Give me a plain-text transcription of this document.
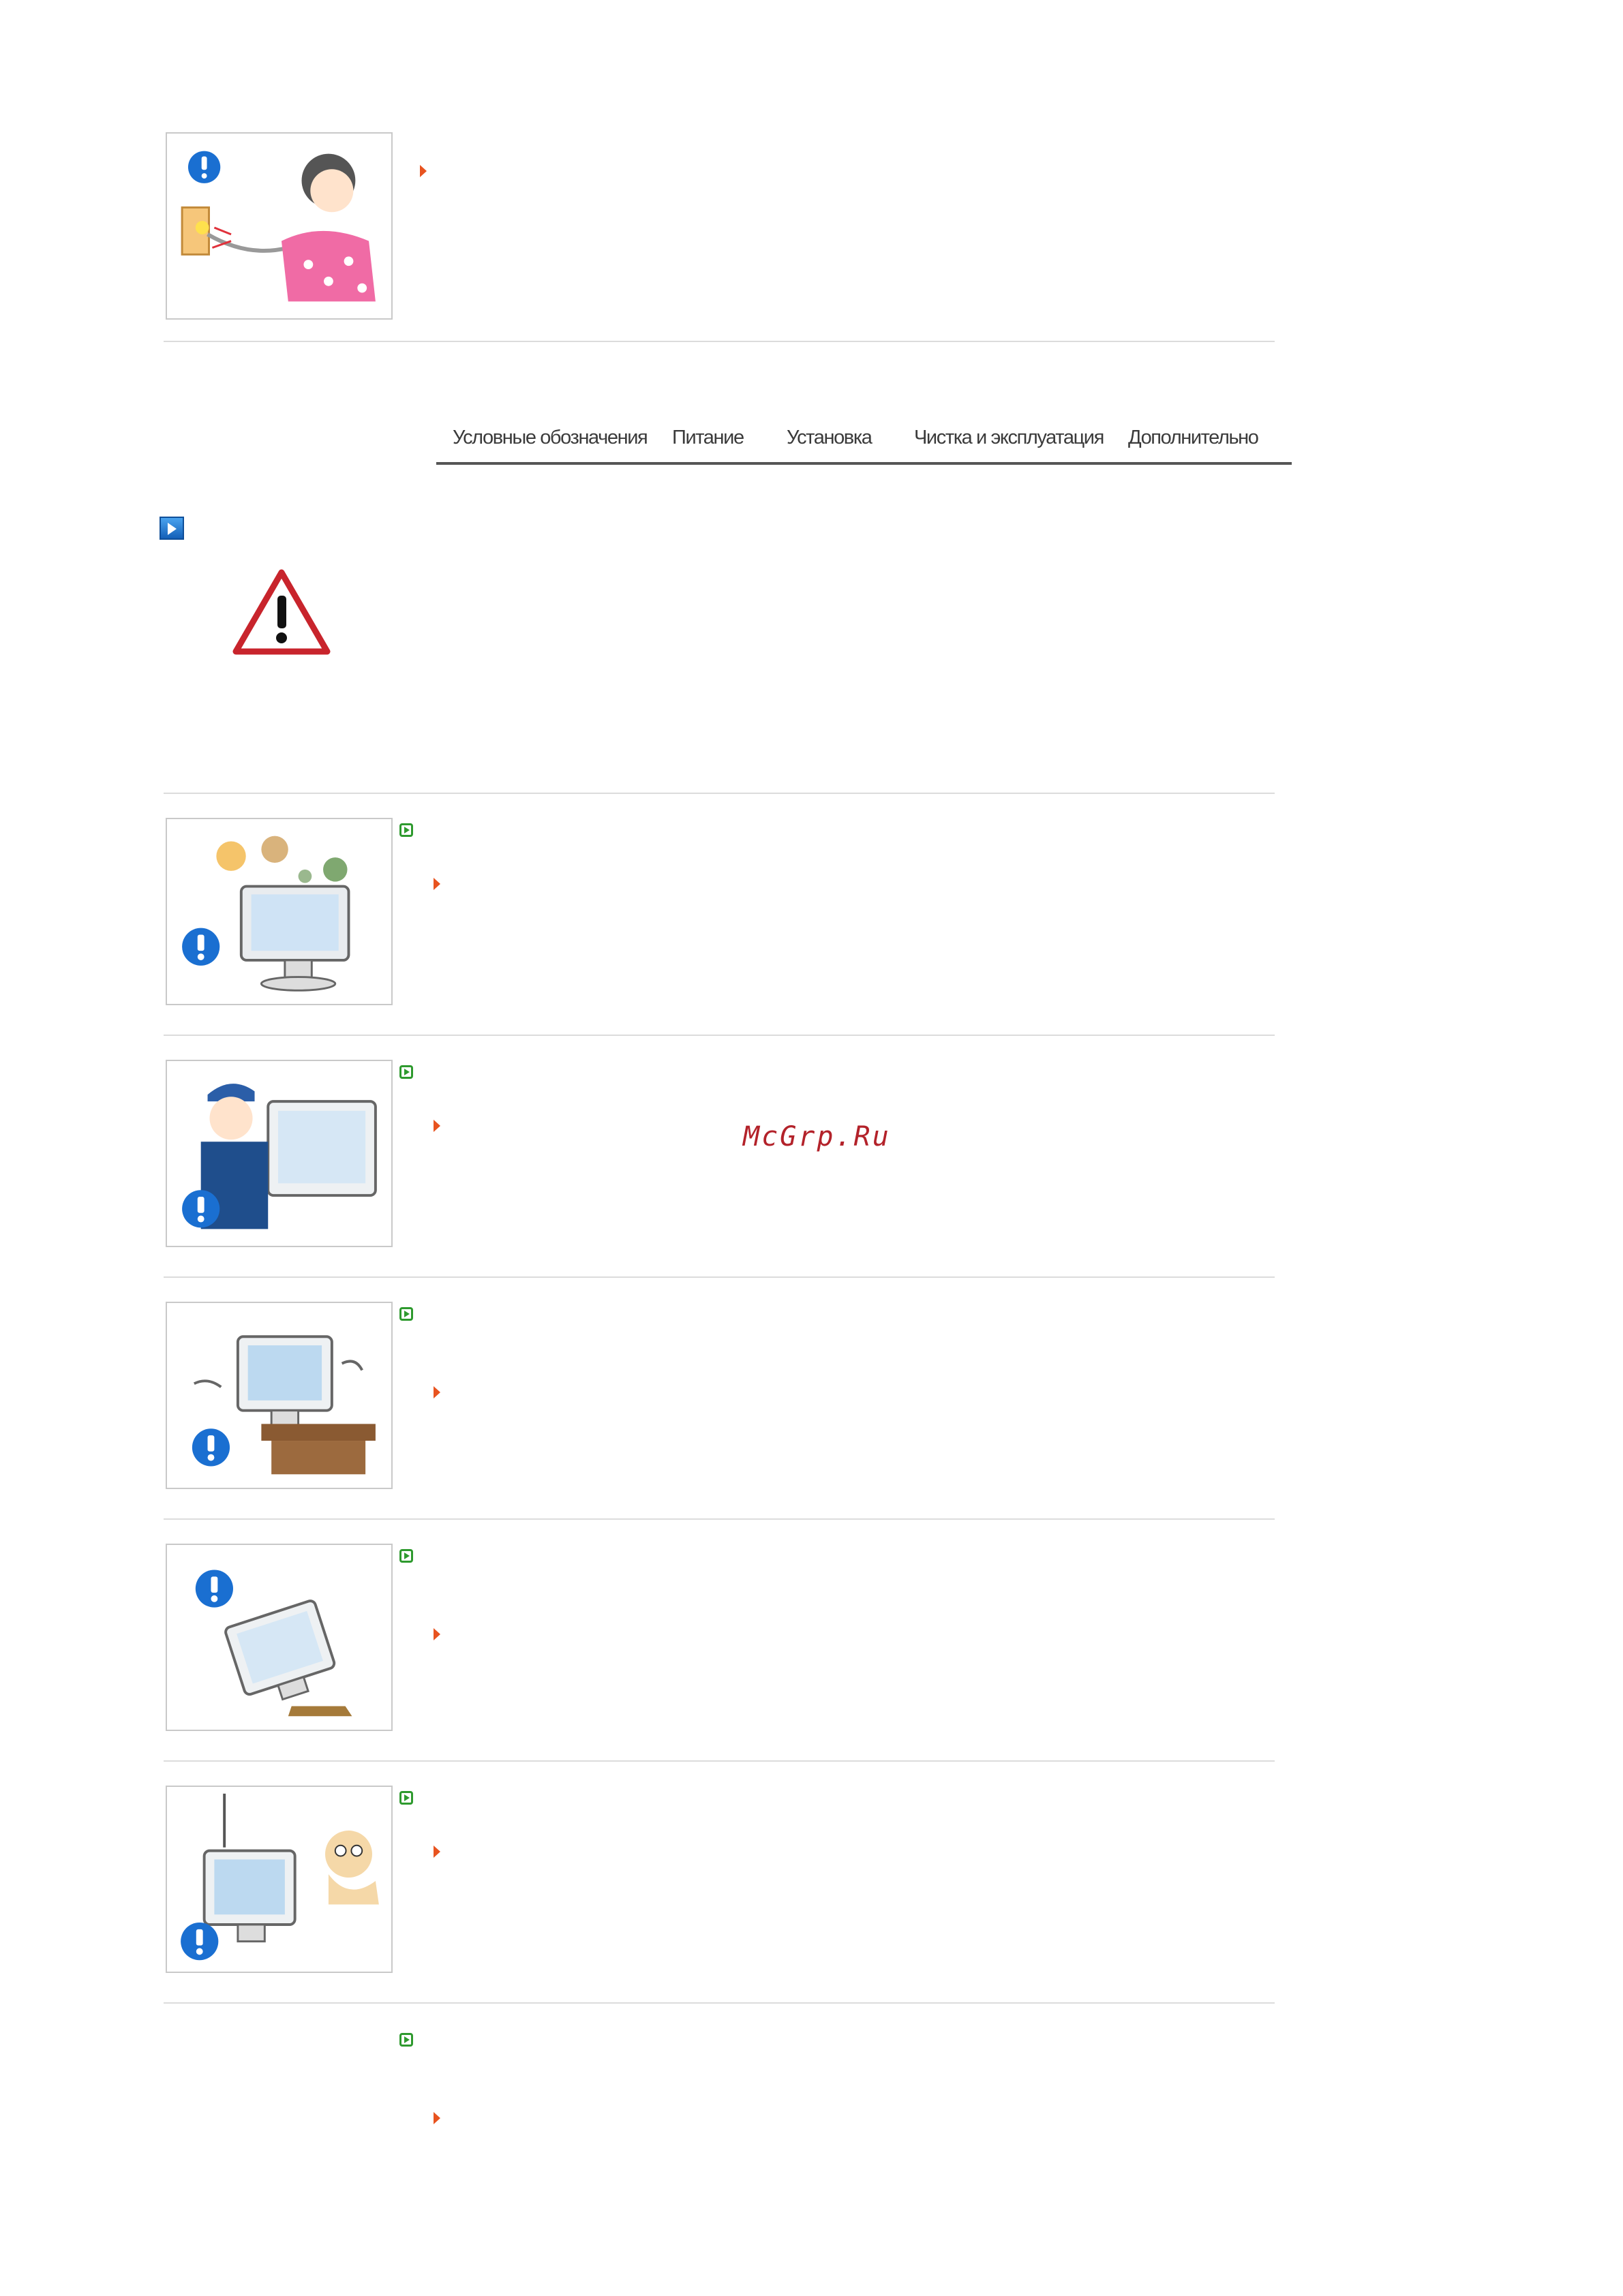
Условные обозначения Питание Установка Чистка и эксплуатация Дополнительно
McGrp.Ru
